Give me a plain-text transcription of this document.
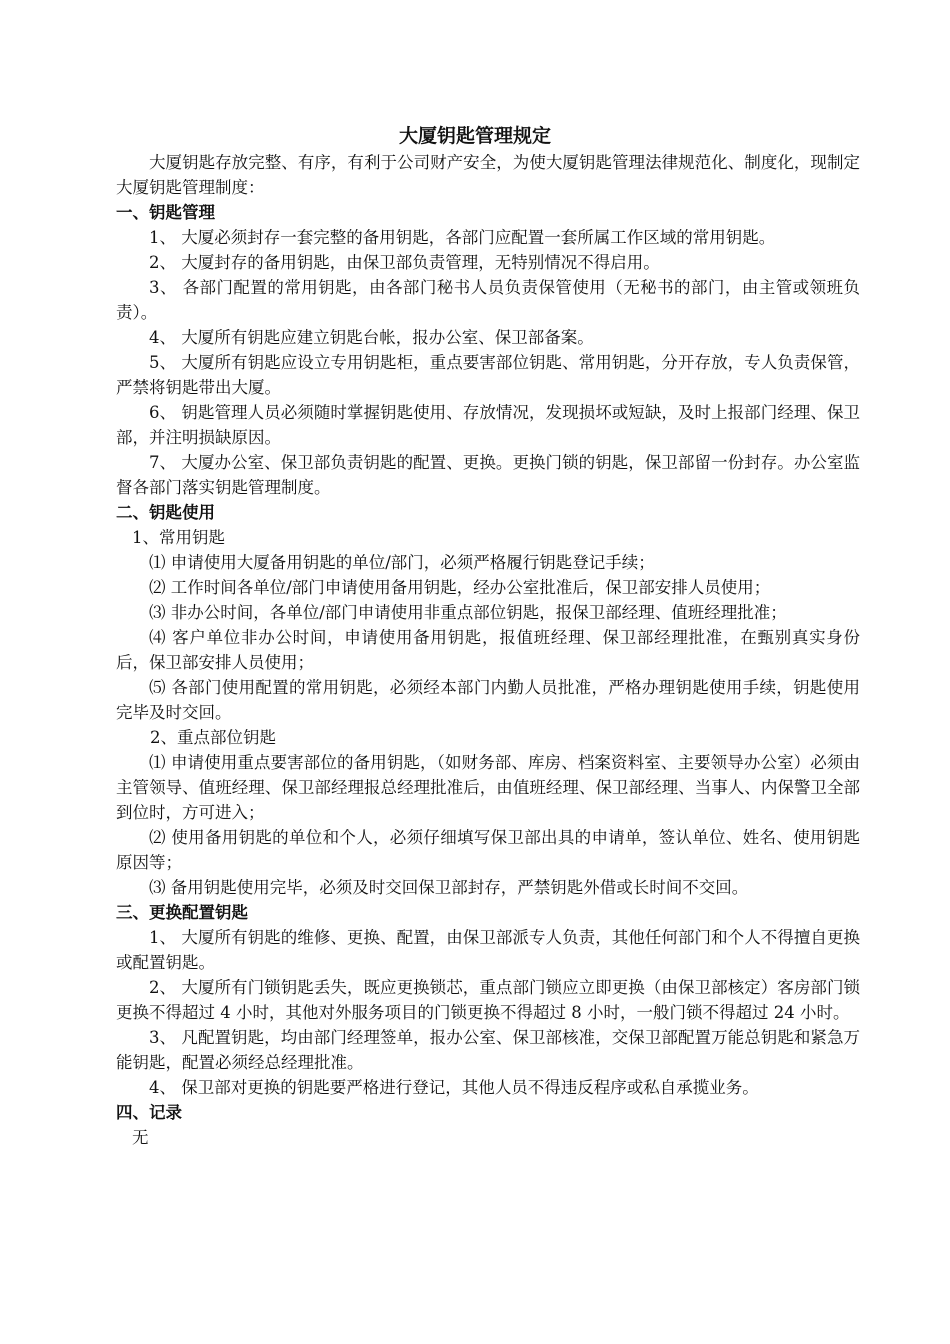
大厦钥匙管理规定

大厦钥匙存放完整、有序，有利于公司财产安全，为使大厦钥匙管理法律规范化、制度化，现制定大厦钥匙管理制度：

一、钥匙管理

1、 大厦必须封存一套完整的备用钥匙，各部门应配置一套所属工作区域的常用钥匙。

2、 大厦封存的备用钥匙，由保卫部负责管理，无特别情况不得启用。

3、 各部门配置的常用钥匙，由各部门秘书人员负责保管使用（无秘书的部门，由主管或领班负责）。

4、 大厦所有钥匙应建立钥匙台帐，报办公室、保卫部备案。

5、 大厦所有钥匙应设立专用钥匙柜，重点要害部位钥匙、常用钥匙，分开存放，专人负责保管，严禁将钥匙带出大厦。

6、 钥匙管理人员必须随时掌握钥匙使用、存放情况，发现损坏或短缺，及时上报部门经理、保卫部，并注明损缺原因。

7、 大厦办公室、保卫部负责钥匙的配置、更换。更换门锁的钥匙，保卫部留一份封存。办公室监督各部门落实钥匙管理制度。

二、钥匙使用

1、常用钥匙

⑴ 申请使用大厦备用钥匙的单位/部门，必须严格履行钥匙登记手续；

⑵ 工作时间各单位/部门申请使用备用钥匙，经办公室批准后，保卫部安排人员使用；

⑶ 非办公时间，各单位/部门申请使用非重点部位钥匙，报保卫部经理、值班经理批准；

⑷ 客户单位非办公时间，申请使用备用钥匙，报值班经理、保卫部经理批准，在甄别真实身份后，保卫部安排人员使用；

⑸ 各部门使用配置的常用钥匙，必须经本部门内勤人员批准，严格办理钥匙使用手续，钥匙使用完毕及时交回。

2、重点部位钥匙

⑴ 申请使用重点要害部位的备用钥匙，（如财务部、库房、档案资料室、主要领导办公室）必须由主管领导、值班经理、保卫部经理报总经理批准后，由值班经理、保卫部经理、当事人、内保警卫全部到位时，方可进入；

⑵ 使用备用钥匙的单位和个人，必须仔细填写保卫部出具的申请单，签认单位、姓名、使用钥匙原因等；

⑶ 备用钥匙使用完毕，必须及时交回保卫部封存，严禁钥匙外借或长时间不交回。

三、更换配置钥匙

1、 大厦所有钥匙的维修、更换、配置，由保卫部派专人负责，其他任何部门和个人不得擅自更换或配置钥匙。

2、 大厦所有门锁钥匙丢失，既应更换锁芯，重点部门锁应立即更换（由保卫部核定）客房部门锁更换不得超过 4 小时，其他对外服务项目的门锁更换不得超过 8 小时，一般门锁不得超过 24 小时。

3、 凡配置钥匙，均由部门经理签单，报办公室、保卫部核准，交保卫部配置万能总钥匙和紧急万能钥匙，配置必须经总经理批准。

4、 保卫部对更换的钥匙要严格进行登记，其他人员不得违反程序或私自承揽业务。

四、记录

无
